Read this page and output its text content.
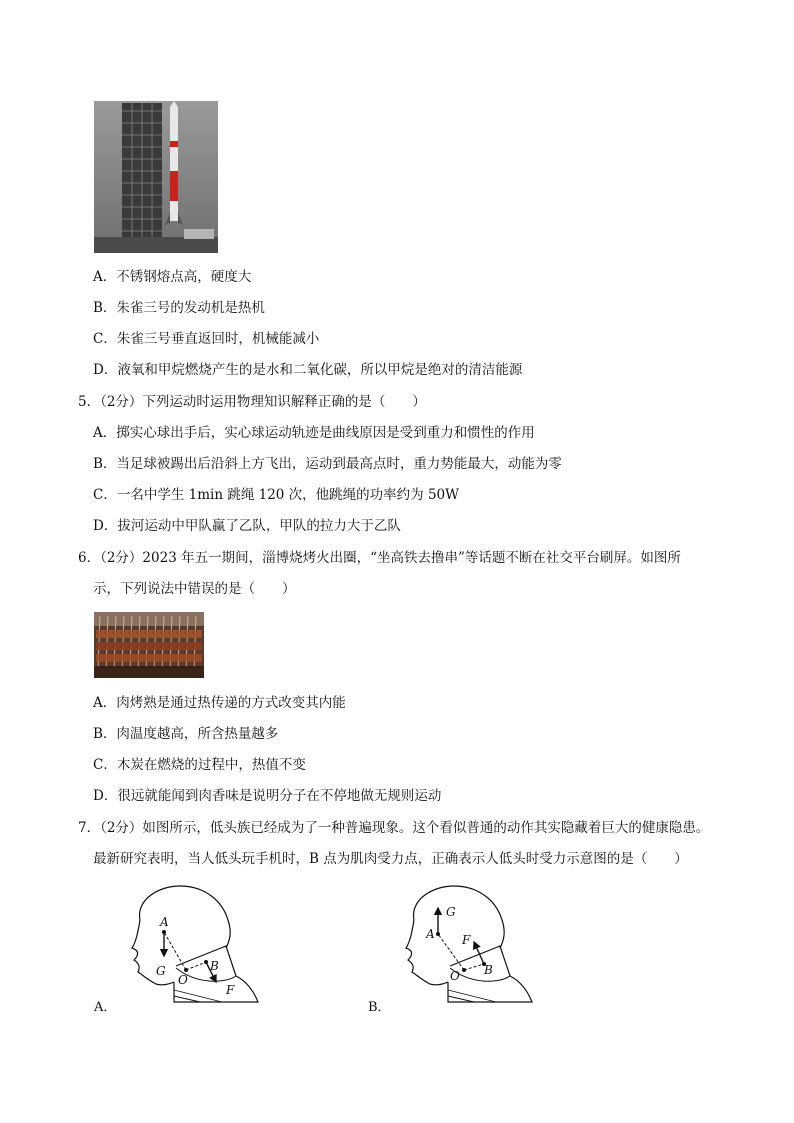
A．不锈钢熔点高，硬度大
B．朱雀三号的发动机是热机
C．朱雀三号垂直返回时，机械能减小
D．液氧和甲烷燃烧产生的是水和二氧化碳，所以甲烷是绝对的清洁能源
5．（2分）下列运动时运用物理知识解释正确的是（　　）
A．掷实心球出手后，实心球运动轨迹是曲线原因是受到重力和惯性的作用
B．当足球被踢出后沿斜上方飞出，运动到最高点时，重力势能最大，动能为零
C．一名中学生 1min 跳绳 120 次，他跳绳的功率约为 50W
D．拔河运动中甲队赢了乙队，甲队的拉力大于乙队
6．（2分）2023 年五一期间，淄博烧烤火出圈，“坐高铁去撸串”等话题不断在社交平台刷屏。如图所
示，下列说法中错误的是（　　）
A．肉烤熟是通过热传递的方式改变其内能
B．肉温度越高，所含热量越多
C．木炭在燃烧的过程中，热值不变
D．很远就能闻到肉香味是说明分子在不停地做无规则运动
7．（2分）如图所示，低头族已经成为了一种普遍现象。这个看似普通的动作其实隐藏着巨大的健康隐患。
最新研究表明，当人低头玩手机时，B 点为肌肉受力点，正确表示人低头时受力示意图的是（　　）
A
G
O
B
F
A．
G
A F
O B
B．
